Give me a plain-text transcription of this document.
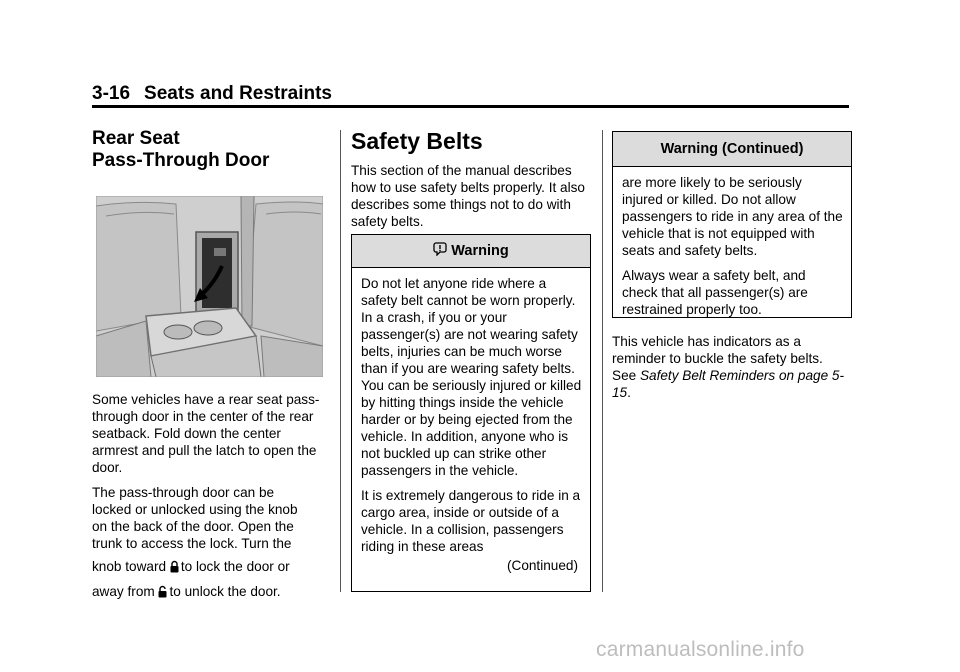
3-16 Seats and Restraints
Rear Seat
Pass-Through Door

Some vehicles have a rear seat pass-through door in the center of the rear seatback. Fold down the center armrest and pull the latch to open the door.

The pass-through door can be
locked or unlocked using the knob
on the back of the door. Open the
trunk to access the lock. Turn the
knob toward to lock the door or
away from to unlock the door.
Safety Belts

This section of the manual describes how to use safety belts properly. It also describes some things not to do with safety belts.

Warning

Do not let anyone ride where a safety belt cannot be worn properly. In a crash, if you or your passenger(s) are not wearing safety belts, injuries can be much worse than if you are wearing safety belts. You can be seriously injured or killed by hitting things inside the vehicle harder or by being ejected from the vehicle. In addition, anyone who is not buckled up can strike other passengers in the vehicle.

It is extremely dangerous to ride in a cargo area, inside or outside of a vehicle. In a collision, passengers riding in these areas

(Continued)

Warning (Continued)

are more likely to be seriously injured or killed. Do not allow passengers to ride in any area of the vehicle that is not equipped with seats and safety belts.

Always wear a safety belt, and check that all passenger(s) are restrained properly too.

This vehicle has indicators as a reminder to buckle the safety belts. See Safety Belt Reminders on page 5-15.
carmanualsonline.info
